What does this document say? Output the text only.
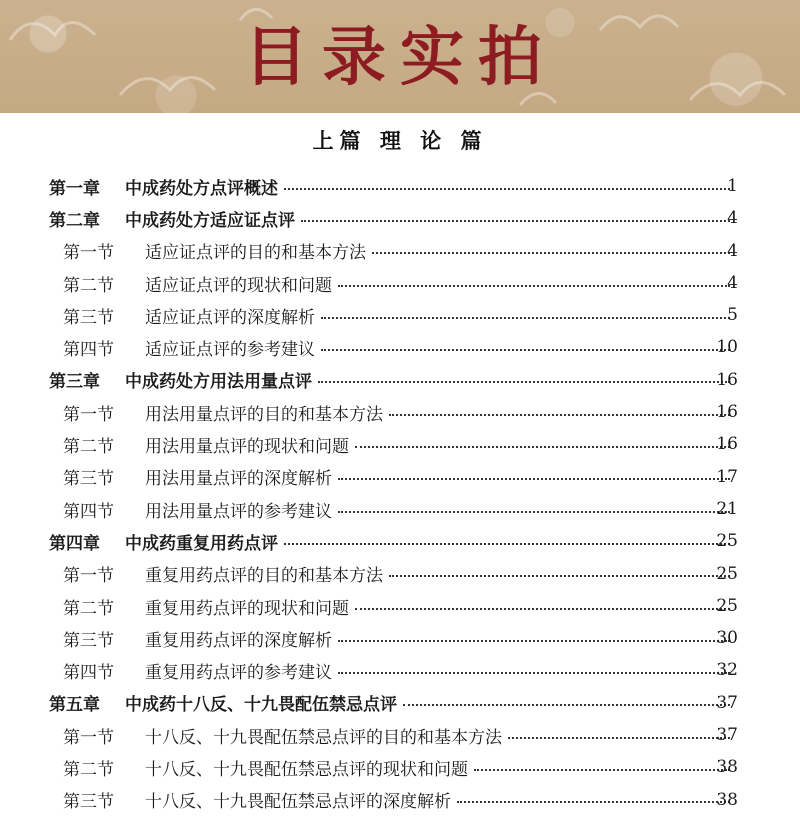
目录实拍
上篇 理 论 篇
第一章	中成药处方点评概述	1
第二章	中成药处方适应证点评	4
第一节	适应证点评的目的和基本方法	4
第二节	适应证点评的现状和问题	4
第三节	适应证点评的深度解析	5
第四节	适应证点评的参考建议	10
第三章	中成药处方用法用量点评	16
第一节	用法用量点评的目的和基本方法	16
第二节	用法用量点评的现状和问题	16
第三节	用法用量点评的深度解析	17
第四节	用法用量点评的参考建议	21
第四章	中成药重复用药点评	25
第一节	重复用药点评的目的和基本方法	25
第二节	重复用药点评的现状和问题	25
第三节	重复用药点评的深度解析	30
第四节	重复用药点评的参考建议	32
第五章	中成药十八反、十九畏配伍禁忌点评	37
第一节	十八反、十九畏配伍禁忌点评的目的和基本方法	37
第二节	十八反、十九畏配伍禁忌点评的现状和问题	38
第三节	十八反、十九畏配伍禁忌点评的深度解析	38
